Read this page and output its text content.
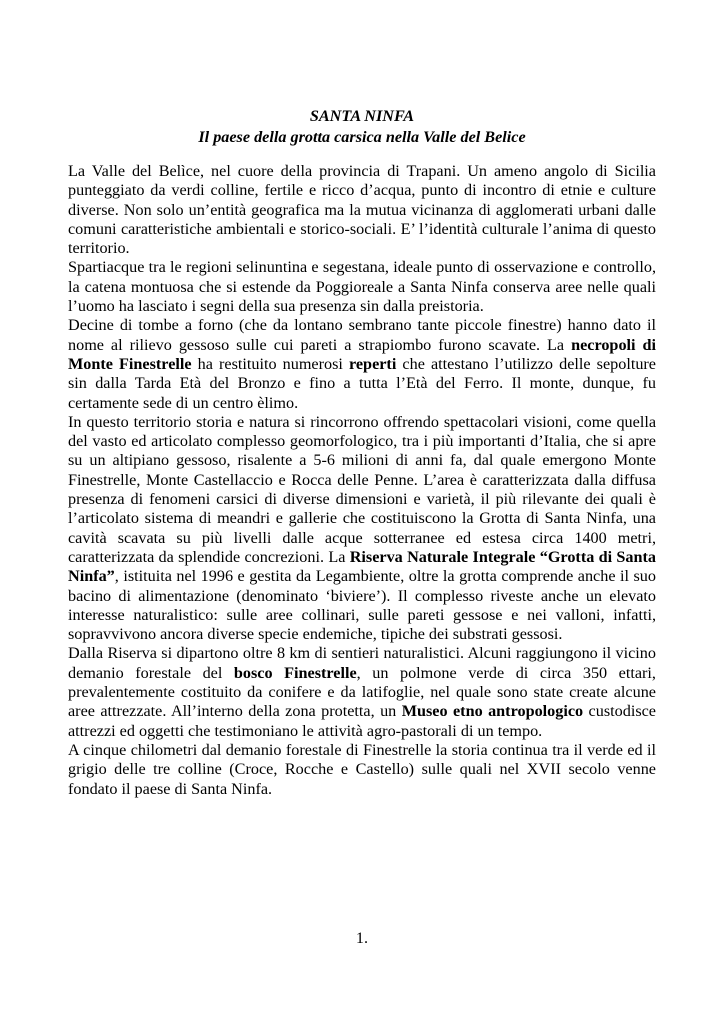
SANTA NINFA
Il paese della grotta carsica nella Valle del Belice

La Valle del Belìce, nel cuore della provincia di Trapani. Un ameno angolo di Sicilia punteggiato da verdi colline, fertile e ricco d’acqua, punto di incontro di etnie e culture diverse. Non solo un’entità geografica ma la mutua vicinanza di agglomerati urbani dalle comuni caratteristiche ambientali e storico-sociali. E’ l’identità culturale l’anima di questo territorio.

Spartiacque tra le regioni selinuntina e segestana, ideale punto di osservazione e controllo, la catena montuosa che si estende da Poggioreale a Santa Ninfa conserva aree nelle quali l’uomo ha lasciato i segni della sua presenza sin dalla preistoria.

Decine di tombe a forno (che da lontano sembrano tante piccole finestre) hanno dato il nome al rilievo gessoso sulle cui pareti a strapiombo furono scavate. La necropoli di Monte Finestrelle ha restituito numerosi reperti che attestano l’utilizzo delle sepolture sin dalla Tarda Età del Bronzo e fino a tutta l’Età del Ferro. Il monte, dunque, fu certamente sede di un centro èlimo.

In questo territorio storia e natura si rincorrono offrendo spettacolari visioni, come quella del vasto ed articolato complesso geomorfologico, tra i più importanti d’Italia, che si apre su un altipiano gessoso, risalente a 5-6 milioni di anni fa, dal quale emergono Monte Finestrelle, Monte Castellaccio e Rocca delle Penne. L’area è caratterizzata dalla diffusa presenza di fenomeni carsici di diverse dimensioni e varietà, il più rilevante dei quali è l’articolato sistema di meandri e gallerie che costituiscono la Grotta di Santa Ninfa, una cavità scavata su più livelli dalle acque sotterranee ed estesa circa 1400 metri, caratterizzata da splendide concrezioni. La Riserva Naturale Integrale “Grotta di Santa Ninfa”, istituita nel 1996 e gestita da Legambiente, oltre la grotta comprende anche il suo bacino di alimentazione (denominato ‘biviere’). Il complesso riveste anche un elevato interesse naturalistico: sulle aree collinari, sulle pareti gessose e nei valloni, infatti, sopravvivono ancora diverse specie endemiche, tipiche dei substrati gessosi.

Dalla Riserva si dipartono oltre 8 km di sentieri naturalistici. Alcuni raggiungono il vicino demanio forestale del bosco Finestrelle, un polmone verde di circa 350 ettari, prevalentemente costituito da conifere e da latifoglie, nel quale sono state create alcune aree attrezzate. All’interno della zona protetta, un Museo etno antropologico custodisce attrezzi ed oggetti che testimoniano le attività agro-pastorali di un tempo.

A cinque chilometri dal demanio forestale di Finestrelle la storia continua tra il verde ed il grigio delle tre colline (Croce, Rocche e Castello) sulle quali nel XVII secolo venne fondato il paese di Santa Ninfa.

1.
